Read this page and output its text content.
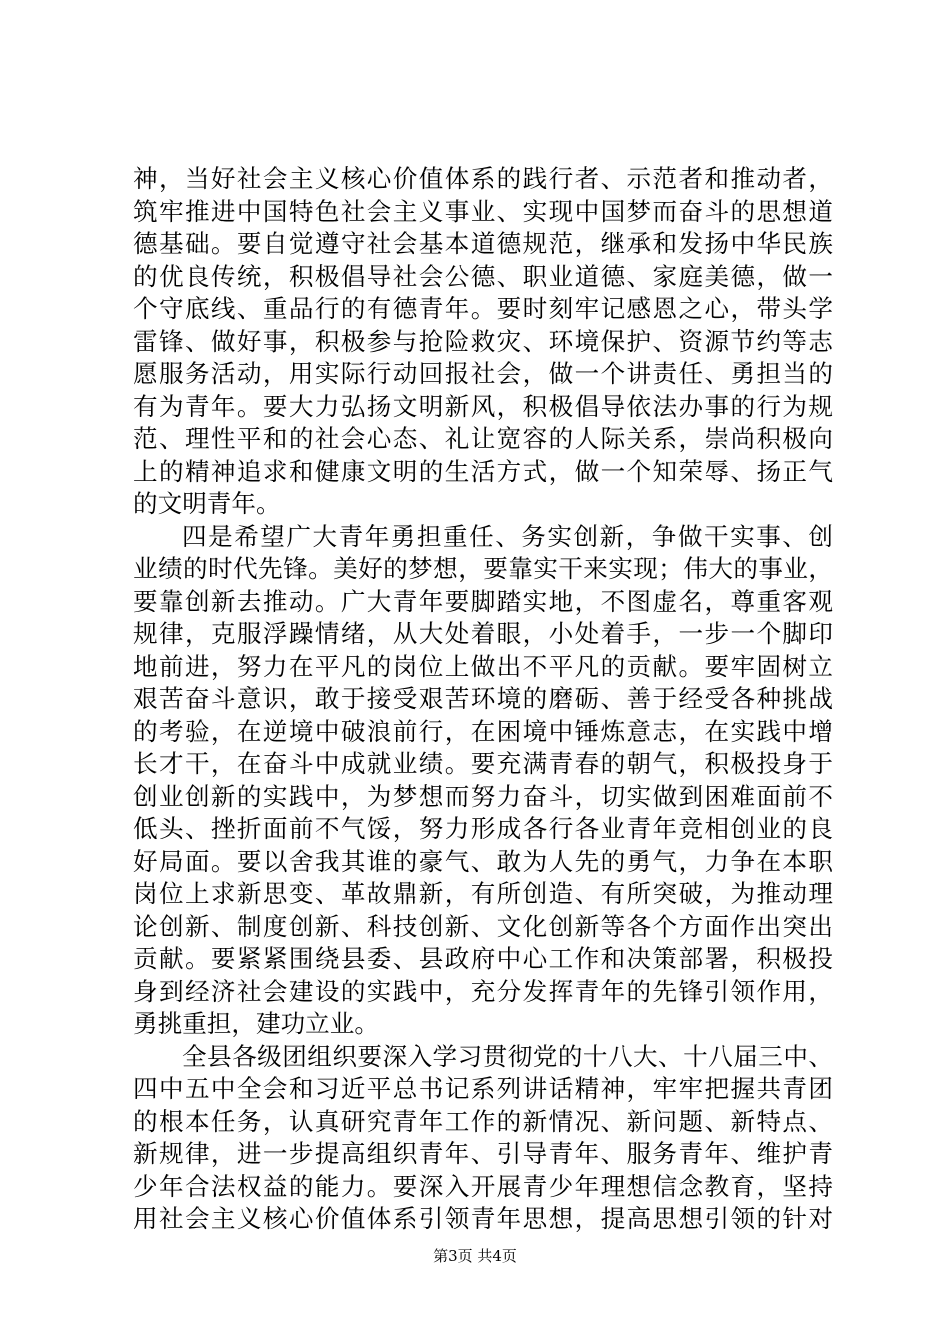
神，当好社会主义核心价值体系的践行者、示范者和推动者，
筑牢推进中国特色社会主义事业、实现中国梦而奋斗的思想道
德基础。要自觉遵守社会基本道德规范，继承和发扬中华民族
的优良传统，积极倡导社会公德、职业道德、家庭美德，做一
个守底线、重品行的有德青年。要时刻牢记感恩之心，带头学
雷锋、做好事，积极参与抢险救灾、环境保护、资源节约等志
愿服务活动，用实际行动回报社会，做一个讲责任、勇担当的
有为青年。要大力弘扬文明新风，积极倡导依法办事的行为规
范、理性平和的社会心态、礼让宽容的人际关系，崇尚积极向
上的精神追求和健康文明的生活方式，做一个知荣辱、扬正气
的文明青年。
四是希望广大青年勇担重任、务实创新，争做干实事、创
业绩的时代先锋。美好的梦想，要靠实干来实现；伟大的事业，
要靠创新去推动。广大青年要脚踏实地，不图虚名，尊重客观
规律，克服浮躁情绪，从大处着眼，小处着手，一步一个脚印
地前进，努力在平凡的岗位上做出不平凡的贡献。要牢固树立
艰苦奋斗意识，敢于接受艰苦环境的磨砺、善于经受各种挑战
的考验，在逆境中破浪前行，在困境中锤炼意志，在实践中增
长才干，在奋斗中成就业绩。要充满青春的朝气，积极投身于
创业创新的实践中，为梦想而努力奋斗，切实做到困难面前不
低头、挫折面前不气馁，努力形成各行各业青年竞相创业的良
好局面。要以舍我其谁的豪气、敢为人先的勇气，力争在本职
岗位上求新思变、革故鼎新，有所创造、有所突破，为推动理
论创新、制度创新、科技创新、文化创新等各个方面作出突出
贡献。要紧紧围绕县委、县政府中心工作和决策部署，积极投
身到经济社会建设的实践中，充分发挥青年的先锋引领作用，
勇挑重担，建功立业。
全县各级团组织要深入学习贯彻党的十八大、十八届三中、
四中五中全会和习近平总书记系列讲话精神，牢牢把握共青团
的根本任务，认真研究青年工作的新情况、新问题、新特点、
新规律，进一步提高组织青年、引导青年、服务青年、维护青
少年合法权益的能力。要深入开展青少年理想信念教育，坚持
用社会主义核心价值体系引领青年思想，提高思想引领的针对
第3页 共4页
